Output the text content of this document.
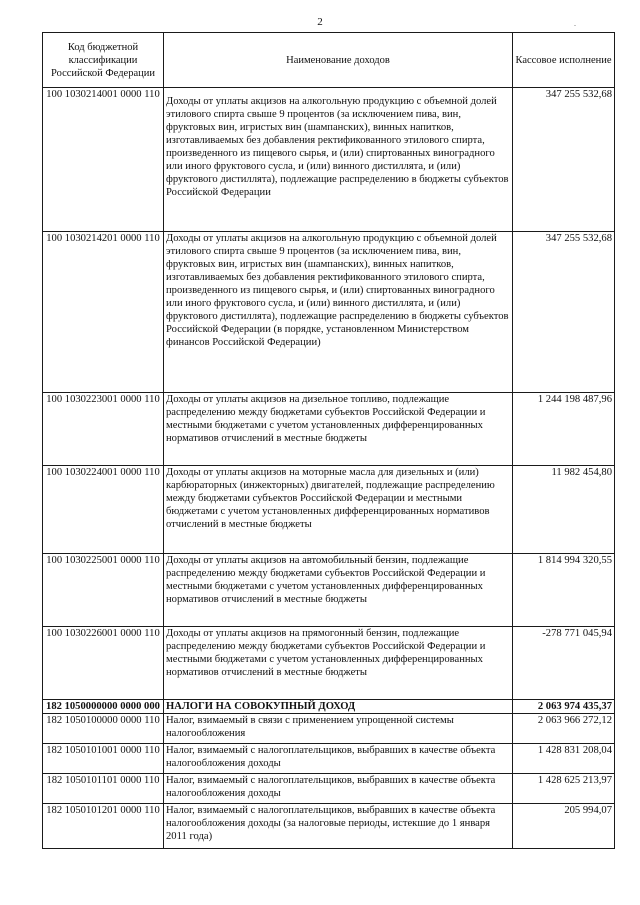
2	.
Код бюджетной классификации Российской Федерации	Наименование доходов	Кассовое исполнение
100 1030214001 0000 110	Доходы от уплаты акцизов на алкогольную продукцию с объемной долей этилового спирта свыше 9 процентов (за исключением пива, вин, фруктовых вин, игристых вин (шампанских), винных напитков, изготавливаемых без добавления ректификованного этилового спирта, произведенного из пищевого сырья, и (или) спиртованных виноградного или иного фруктового сусла, и (или) винного дистиллята, и (или) фруктового дистиллята), подлежащие распределению в бюджеты субъектов Российской Федерации	347 255 532,68
100 1030214201 0000 110	Доходы от уплаты акцизов на алкогольную продукцию с объемной долей этилового спирта свыше 9 процентов (за исключением пива, вин, фруктовых вин, игристых вин (шампанских), винных напитков, изготавливаемых без добавления ректификованного этилового спирта, произведенного из пищевого сырья, и (или) спиртованных виноградного или иного фруктового сусла, и (или) винного дистиллята, и (или) фруктового дистиллята), подлежащие распределению в бюджеты субъектов Российской Федерации (в порядке, установленном Министерством финансов Российской Федерации)	347 255 532,68
100 1030223001 0000 110	Доходы от уплаты акцизов на дизельное топливо, подлежащие распределению между бюджетами субъектов Российской Федерации и местными бюджетами с учетом установленных дифференцированных нормативов отчислений в местные бюджеты	1 244 198 487,96
100 1030224001 0000 110	Доходы от уплаты акцизов на моторные масла для дизельных и (или) карбюраторных (инжекторных) двигателей, подлежащие распределению между бюджетами субъектов Российской Федерации и местными бюджетами с учетом установленных дифференцированных нормативов отчислений в местные бюджеты	11 982 454,80
100 1030225001 0000 110	Доходы от уплаты акцизов на автомобильный бензин, подлежащие распределению между бюджетами субъектов Российской Федерации и местными бюджетами с учетом установленных дифференцированных нормативов отчислений в местные бюджеты	1 814 994 320,55
100 1030226001 0000 110	Доходы от уплаты акцизов на прямогонный бензин, подлежащие распределению между бюджетами субъектов Российской Федерации и местными бюджетами с учетом установленных дифференцированных нормативов отчислений в местные бюджеты	-278 771 045,94
182 1050000000 0000 000	НАЛОГИ НА СОВОКУПНЫЙ ДОХОД	2 063 974 435,37
182 1050100000 0000 110	Налог, взимаемый в связи с применением упрощенной системы налогообложения	2 063 966 272,12
182 1050101001 0000 110	Налог, взимаемый с налогоплательщиков, выбравших в качестве объекта налогообложения доходы	1 428 831 208,04
182 1050101101 0000 110	Налог, взимаемый с налогоплательщиков, выбравших в качестве объекта налогообложения доходы	1 428 625 213,97
182 1050101201 0000 110	Налог, взимаемый с налогоплательщиков, выбравших в качестве объекта налогообложения доходы (за налоговые периоды, истекшие до 1 января 2011 года)	205 994,07
